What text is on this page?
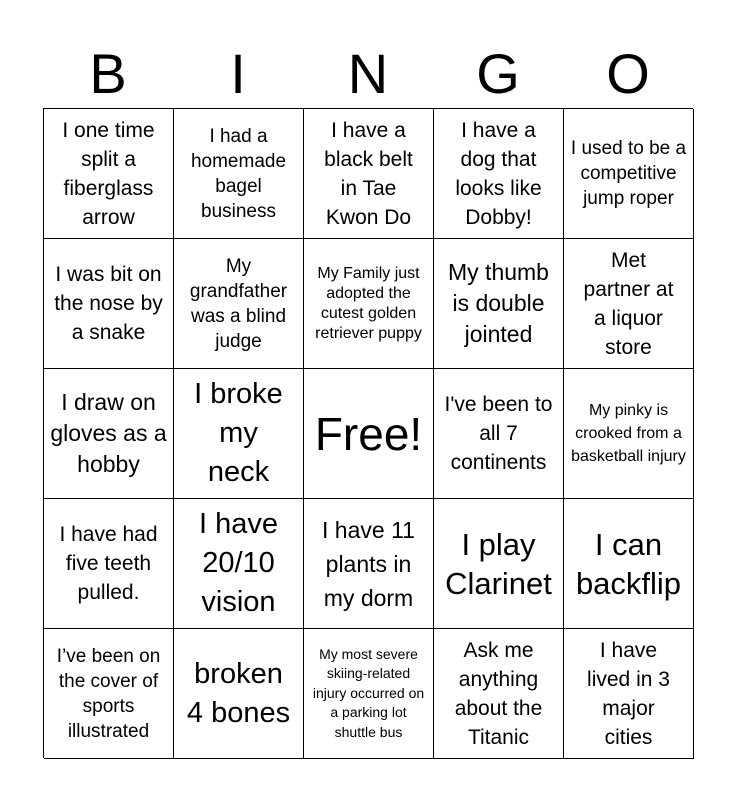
B	I	N	G	O
I one time split a fiberglass arrow
I had a homemade bagel business
I have a black belt in Tae Kwon Do
I have a dog that looks like Dobby!
I used to be a competitive jump roper
I was bit on the nose by a snake
My grandfather was a blind judge
My Family just adopted the cutest golden retriever puppy
My thumb is double jointed
Met partner at a liquor store
I draw on gloves as a hobby
I broke my neck
Free!
I've been to all 7 continents
My pinky is crooked from a basketball injury
I have had five teeth pulled.
I have 20/10 vision
I have 11 plants in my dorm
I play Clarinet
I can backflip
I’ve been on the cover of sports illustrated
broken 4 bones
My most severe skiing-related injury occurred on a parking lot shuttle bus
Ask me anything about the Titanic
I have lived in 3 major cities
